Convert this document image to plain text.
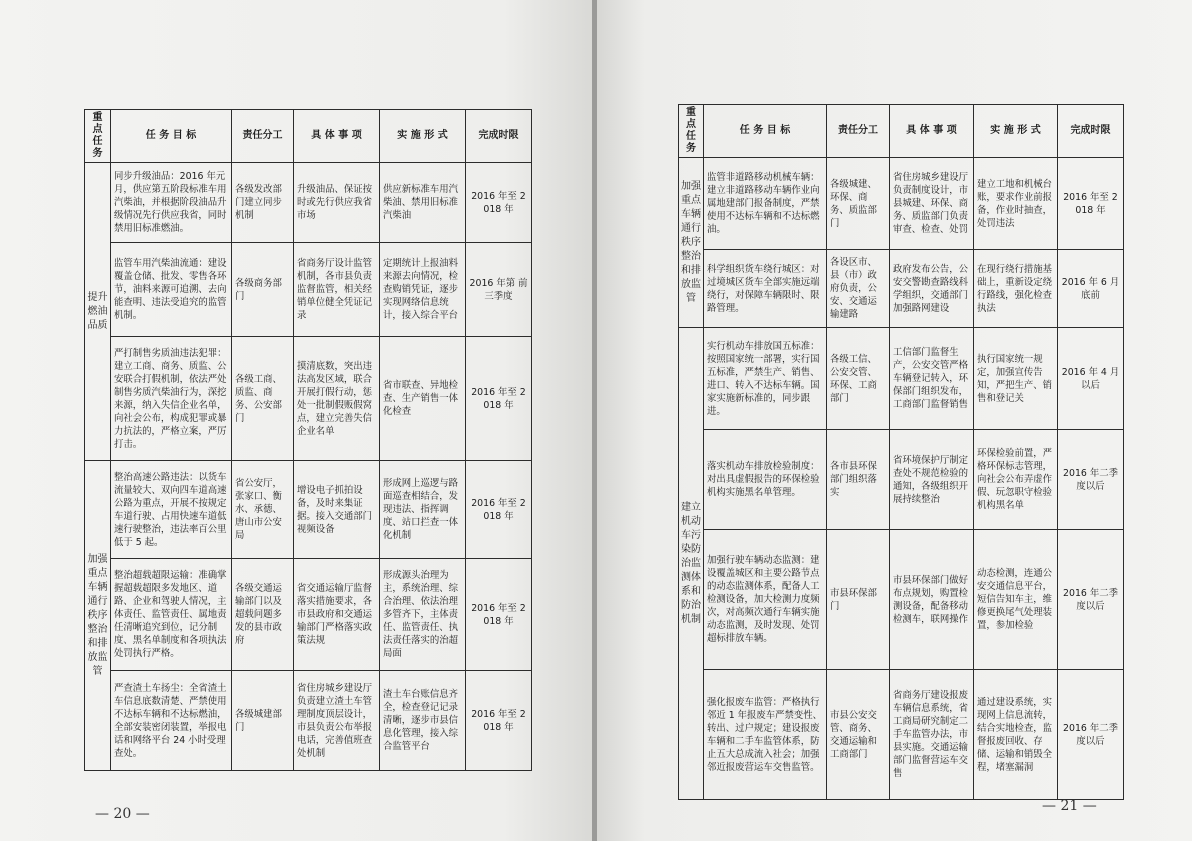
重点任务	任 务 目 标	责任分工	具 体 事 项	实 施 形 式	完成时限
提升燃油品质	同步升级油品：2016 年元月，供应第五阶段标准车用汽柴油，并根据阶段油品升级情况先行供应我省，同时禁用旧标准燃油。	各级发改部门建立同步机制	升级油品、保证按时或先行供应我省市场	供应新标准车用汽柴油、禁用旧标准汽柴油	2016 年至 2018 年
	监管车用汽柴油流通：建设覆盖仓储、批发、零售各环节，油料来源可追溯、去向能查明、违法受追究的监管机制。	各级商务部门	省商务厅设计监管机制，各市县负责监督监管，相关经销单位健全凭证记录	定期统计上报油料来源去向情况，检查购销凭证，逐步实现网络信息统计，接入综合平台	2016 年第 前三季度
	严打制售劣质油违法犯罪：建立工商、商务、质监、公安联合打假机制，依法严处制售劣质汽柴油行为，深挖来源，纳入失信企业名单，向社会公布，构成犯罪或暴力抗法的，严格立案，严厉打击。	各级工商、质监、商务、公安部门	摸清底数，突出违法高发区域，联合开展打假行动，惩处一批制假贩假窝点，建立完善失信企业名单	省市联查、异地检查、生产销售一体化检查	2016 年至 2018 年
加强重点车辆通行秩序整治和排放监管	整治高速公路违法：以货车流量较大、双向四车道高速公路为重点，开展不按规定车道行驶、占用快速车道低速行驶整治，违法率百公里低于 5 起。	省公安厅，张家口、衡水、承德、唐山市公安局	增设电子抓拍设备，及时来集证据。接入交通部门视频设备	形成网上巡逻与路面巡查相结合，发现违法、指挥调度、站口拦查一体化机制	2016 年至 2018 年
	整治超载超限运输：准确掌握超载超限多发地区、道路、企业和驾驶人情况，主体责任、监管责任、属地责任清晰追究到位，记分制度、黑名单制度和各项执法处罚执行严格。	各级交通运输部门以及超载问题多发的县市政府	省交通运输厅监督落实措施要求，各市县政府和交通运输部门严格落实政策法规	形成源头治理为主，系统治理、综合治理、依法治理多管齐下，主体责任、监管责任、执法责任落实的治超局面	2016 年至 2018 年
	严查渣土车扬尘：全省渣土车信息底数清楚、严禁使用不达标车辆和不达标燃油，全部安装密闭装置，举报电话和网络平台 24 小时受理查处。	各级城建部门	省住房城乡建设厅负责建立渣土车管理制度顶层设计，市县负责公布举报电话，完善值班查处机制	渣土车台账信息齐全，检查登记记录清晰，逐步市县信息化管理，接入综合监管平台	2016 年至 2018 年
— 20 —
重点任务	任 务 目 标	责任分工	具 体 事 项	实 施 形 式	完成时限
加强重点车辆通行秩序整治和排放监管	监管非道路移动机械车辆：建立非道路移动车辆作业向属地建部门报备制度，严禁使用不达标车辆和不达标燃油。	各级城建、环保、商务、质监部门	省住房城乡建设厅负责制度设计，市县城建、环保、商务、质监部门负责审查、检查、处罚	建立工地和机械台账，要求作业前报备，作业时抽查，处罚违法	2016 年至 2018 年
	科学组织货车绕行城区：对过境城区货车全部实施远端绕行，对保障车辆限时、限路管理。	各设区市、县（市）政府负责，公安、交通运输建路	政府发布公告，公安交警勘查路线科学组织，交通部门加强路网建设	在现行绕行措施基础上，重新设定绕行路线，强化检查执法	2016 年 6 月底前
建立机动车污染防治监测体系和防治机制	实行机动车排放国五标准：按照国家统一部署，实行国五标准，严禁生产、销售、进口、转入不达标车辆。国家实施新标准的，同步跟进。	各级工信、公安交管、环保、工商部门	工信部门监督生产，公安交管严格车辆登记转入，环保部门组织发布，工商部门监督销售	执行国家统一规定，加强宣传告知，严把生产、销售和登记关	2016 年 4 月以后
	落实机动车排放检验制度：对出具虚假报告的环保检验机构实施黑名单管理。	各市县环保部门组织落实	省环境保护厅制定查处不规范检验的通知，各级组织开展持续整治	环保检验前置，严格环保标志管理，向社会公布弄虚作假、玩忽职守检验机构黑名单	2016 年二季度以后
	加强行驶车辆动态监测：建设覆盖城区和主要公路节点的动态监测体系，配备人工检测设备，加大检测力度频次，对高频次通行车辆实施动态监测，及时发现、处罚超标排放车辆。	市县环保部门	市县环保部门做好布点规划，购置检测设备，配备移动检测车，联网操作	动态检测，连通公安交通信息平台，短信告知车主，维修更换尾气处理装置，参加检验	2016 年二季度以后
	强化报废车监管：严格执行邻近 1 年报废车严禁变性、转出、过户规定；建设报废车辆和二手车监管体系，防止五大总成流入社会；加强邻近报废营运车交售监管。	市县公安交管、商务、交通运输和工商部门	省商务厅建设报废车辆信息系统，省工商局研究制定二手车监管办法，市县实施。交通运输部门监督营运车交售	通过建设系统，实现网上信息流转，结合实地检查，监督报废回收、存储、运输和销毁全程，堵塞漏洞	2016 年二季度以后
— 21 —
